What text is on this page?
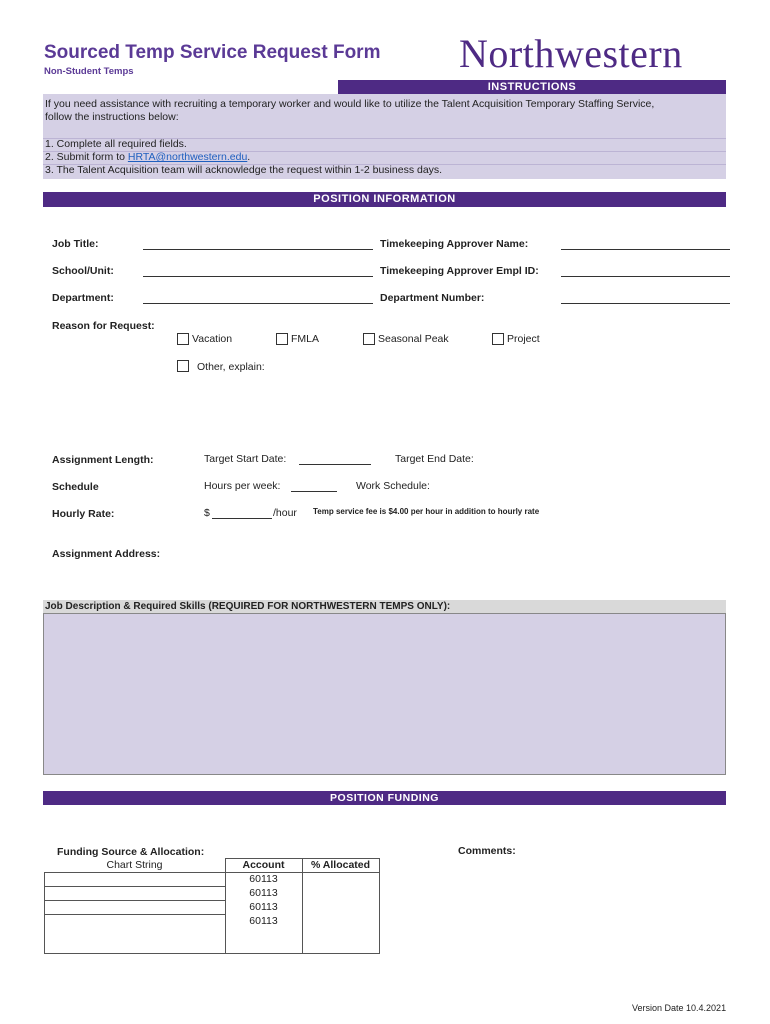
Sourced Temp Service Request Form
Non-Student Temps	Northwestern
INSTRUCTIONS
If you need assistance with recruiting a temporary worker and would like to utilize the Talent Acquisition Temporary Staffing Service,
follow the instructions below:
1. Complete all required fields.
2. Submit form to HRTA@northwestern.edu.
3. The Talent Acquisition team will acknowledge the request within 1-2 business days.
POSITION INFORMATION
Job Title:	Timekeeping Approver Name:
School/Unit:	Timekeeping Approver Empl ID:
Department:	Department Number:
Reason for Request:
Vacation	FMLA	Seasonal Peak	Project
Other, explain:
Assignment Length:	Target Start Date:	Target End Date:
Schedule	Hours per week:	Work Schedule:
Hourly Rate:	$	/hour Temp service fee is $4.00 per hour in addition to hourly rate
Assignment Address:
Job Description & Required Skills (REQUIRED FOR NORTHWESTERN TEMPS ONLY):
POSITION FUNDING
Funding Source & Allocation:	Comments:
Chart String	Account	% Allocated
	60113	
	60113	
	60113	
	60113	
Version Date 10.4.2021
